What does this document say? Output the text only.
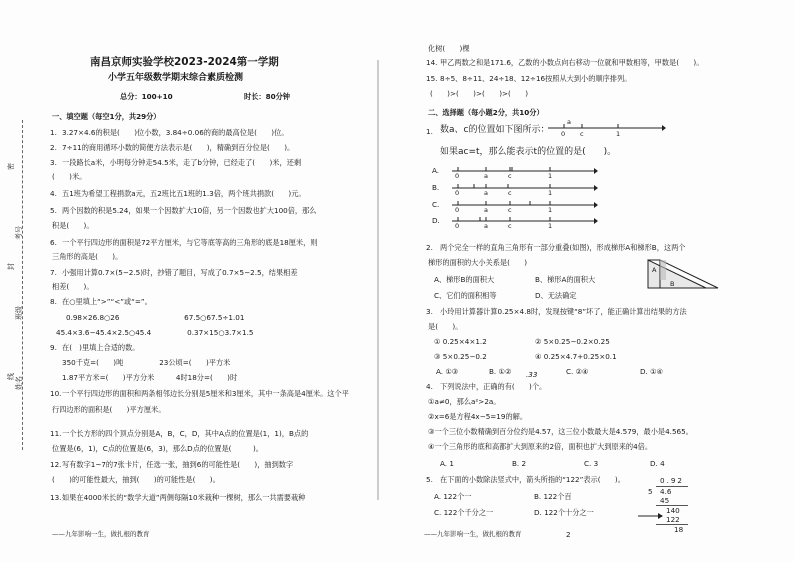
密
封
线
考号
班级
姓名
南昌京师实验学校2023-2024第一学期
小学五年级数学期末综合素质检测
总分：100+10	时长：80分钟
一、填空题（每空1分，共29分）
1. 3.27×4.6的积是(　　)位小数，3.84÷0.06的商的最高位是(　　)位。
2. 7÷11的商用循环小数的简便方法表示是(　　)，精确到百分位是(　　)。
3. 一段路长a米，小明每分钟走54.5米，走了b分钟，已经走了(　　)米，还剩
(　　)米。
4. 五1班为希望工程捐款a元，五2班比五1班的1.3倍，两个班共捐款(　　)元。
5. 两个因数的积是5.24，如果一个因数扩大10倍，另一个因数也扩大100倍，那么
积是(　　)。
6. 一个平行四边形的面积是72平方厘米，与它等底等高的三角形的底是18厘米，则
三角形的高是(　　)。
7. 小强用计算0.7×(5−2.5)时，抄错了题目，写成了0.7×5−2.5，结果相差
相差(　　)。
8. 在○里填上“>”“<”或“=”。
0.98×26.8○26　　　　　　　　　67.5○67.5÷1.01
45.4×3.6−45.4×2.5○45.4　　　　　0.37×15○3.7×1.5
9. 在(　)里填上合适的数。
350千克=(　　)吨　　　　　23公顷=(　　)平方米
1.87平方米=(　　)平方分米　　　4时18分=(　　)时
10. 一个平行四边形的面积和两条相邻边长分别是5厘米和3厘米，其中一条高是4厘米。这个平
行四边形的面积是(　　)平方厘米。
11. 一个长方形的四个顶点分别是A，B，C，D，其中A点的位置是(1，1)，B点的
位置是(6，1)，C点的位置是(6，3)，那么D点的位置是(　　　)。
12. 写有数字1~7的7张卡片，任选一张，抽到6的可能性是(　　)，抽到数字
(　　)的可能性最大，抽到(　　)的可能性是(　　)。
13. 如果在4000米长的“数学大道”两侧每隔10米栽种一棵树，那么一共需要栽种
——九年影响一生，做扎根的教育
化树(　　)棵
14. 甲乙两数之和是171.6，乙数的小数点向右移动一位就和甲数相等，甲数是(　　)。
15. 8÷5、8÷11、24÷18、12÷16按照从大到小的顺序排列。
(　　)>(　　)>(　　)>(　　)
二、选择题（每小题2分，共10分）
1. 数a、c的位置如下图所示： 0
a
c	1
如果ac=t，那么能表示t的位置的是(　　)。
A.
B.
C.
D.
0	a	c	1
0	a	c	1
0	a	c	1
0	a	c	1
2. 两个完全一样的直角三角形有一部分重叠(如图)，形成梯形A和梯形B，这两个
梯形的面积的大小关系是(　　)
A
B
A、梯形B的面积大	B、梯形A的面积大
C、它们的面积相等	D、无法确定
3. 小玲用计算器计算0.25×4.8时，发现按键“8”坏了，能正确计算出结果的方法
是(　　)。
① 0.25×4×1.2	② 5×0.25−0.2×0.25
③ 5×0.25−0.2	④ 0.25×4.7+0.25×0.1
A. ①③	B. ①② .33	C. ②④	D. ①④
4. 下列说法中，正确的有(　　)个。
①a≠0，那么a²>2a。
②x=6是方程4x−5=19的解。
③一个三位小数精确到百分位约是4.57，这三位小数最大是4.579，最小是4.565。
④一个三角形的底和高都扩大到原来的2倍，面积也扩大到原来的4倍。
A. 1	B. 2	C. 3	D. 4
5. 在下面的小数除法竖式中，箭头所指的“122”表示(　　)。
A. 122个一	B. 122个百
C. 122个千分之一	D. 122个十分之一
0.92
5 4.6
45
140
122
18
——九年影响一生，做扎根的教育	2
